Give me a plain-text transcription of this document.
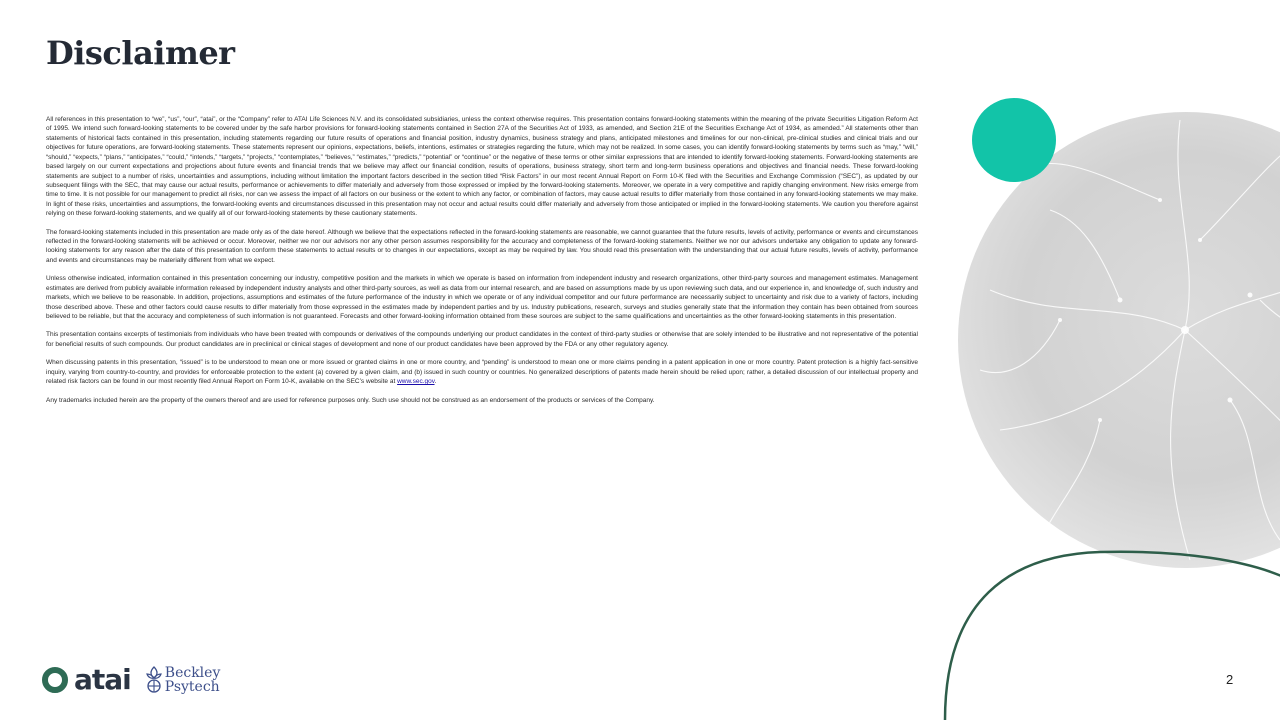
Disclaimer

All references in this presentation to “we”, “us”, “our”, “atai”, or the “Company” refer to ATAI Life Sciences N.V. and its consolidated subsidiaries, unless the context otherwise requires. This presentation contains forward-looking statements within the meaning of the private Securities Litigation Reform Act of 1995. We intend such forward-looking statements to be covered under by the safe harbor provisions for forward-looking statements contained in Section 27A of the Securities Act of 1933, as amended, and Section 21E of the Securities Exchange Act of 1934, as amended.” All statements other than statements of historical facts contained in this presentation, including statements regarding our future results of operations and financial position, industry dynamics, business strategy and plans, anticipated milestones and timelines for our non-clinical, pre-clinical studies and clinical trials and our objectives for future operations, are forward-looking statements. These statements represent our opinions, expectations, beliefs, intentions, estimates or strategies regarding the future, which may not be realized. In some cases, you can identify forward-looking statements by terms such as “may,” “will,” “should,” “expects,” “plans,” “anticipates,” “could,” “intends,” “targets,” “projects,” “contemplates,” “believes,” “estimates,” “predicts,” “potential” or “continue” or the negative of these terms or other similar expressions that are intended to identify forward-looking statements. Forward-looking statements are based largely on our current expectations and projections about future events and financial trends that we believe may affect our financial condition, results of operations, business strategy, short term and long-term business operations and objectives and financial needs. These forward-looking statements are subject to a number of risks, uncertainties and assumptions, including without limitation the important factors described in the section titled “Risk Factors” in our most recent Annual Report on Form 10-K filed with the Securities and Exchange Commission (“SEC”), as updated by our subsequent filings with the SEC, that may cause our actual results, performance or achievements to differ materially and adversely from those expressed or implied by the forward-looking statements. Moreover, we operate in a very competitive and rapidly changing environment. New risks emerge from time to time. It is not possible for our management to predict all risks, nor can we assess the impact of all factors on our business or the extent to which any factor, or combination of factors, may cause actual results to differ materially from those contained in any forward-looking statements we may make. In light of these risks, uncertainties and assumptions, the forward-looking events and circumstances discussed in this presentation may not occur and actual results could differ materially and adversely from those anticipated or implied in the forward-looking statements. We caution you therefore against relying on these forward-looking statements, and we qualify all of our forward-looking statements by these cautionary statements.

The forward-looking statements included in this presentation are made only as of the date hereof. Although we believe that the expectations reflected in the forward-looking statements are reasonable, we cannot guarantee that the future results, levels of activity, performance or events and circumstances reflected in the forward-looking statements will be achieved or occur. Moreover, neither we nor our advisors nor any other person assumes responsibility for the accuracy and completeness of the forward-looking statements. Neither we nor our advisors undertake any obligation to update any forward-looking statements for any reason after the date of this presentation to conform these statements to actual results or to changes in our expectations, except as may be required by law. You should read this presentation with the understanding that our actual future results, levels of activity, performance and events and circumstances may be materially different from what we expect.

Unless otherwise indicated, information contained in this presentation concerning our industry, competitive position and the markets in which we operate is based on information from independent industry and research organizations, other third-party sources and management estimates. Management estimates are derived from publicly available information released by independent industry analysts and other third-party sources, as well as data from our internal research, and are based on assumptions made by us upon reviewing such data, and our experience in, and knowledge of, such industry and markets, which we believe to be reasonable. In addition, projections, assumptions and estimates of the future performance of the industry in which we operate or of any individual competitor and our future performance are necessarily subject to uncertainty and risk due to a variety of factors, including those described above. These and other factors could cause results to differ materially from those expressed in the estimates made by independent parties and by us. Industry publications, research, surveys and studies generally state that the information they contain has been obtained from sources believed to be reliable, but that the accuracy and completeness of such information is not guaranteed. Forecasts and other forward-looking information obtained from these sources are subject to the same qualifications and uncertainties as the other forward-looking statements in this presentation.

This presentation contains excerpts of testimonials from individuals who have been treated with compounds or derivatives of the compounds underlying our product candidates in the context of third-party studies or otherwise that are solely intended to be illustrative and not representative of the potential for beneficial results of such compounds. Our product candidates are in preclinical or clinical stages of development and none of our product candidates have been approved by the FDA or any other regulatory agency.

When discussing patents in this presentation, “issued” is to be understood to mean one or more issued or granted claims in one or more country, and “pending” is understood to mean one or more claims pending in a patent application in one or more country. Patent protection is a highly fact-sensitive inquiry, varying from country-to-country, and provides for enforceable protection to the extent (a) covered by a given claim, and (b) issued in such country or countries. No generalized descriptions of patents made herein should be relied upon; rather, a detailed discussion of our intellectual property and related risk factors can be found in our most recently filed Annual Report on Form 10-K, available on the SEC’s website at www.sec.gov.

Any trademarks included herein are the property of the owners thereof and are used for reference purposes only. Such use should not be construed as an endorsement of the products or services of the Company.

atai Beckley
Psytech	2
